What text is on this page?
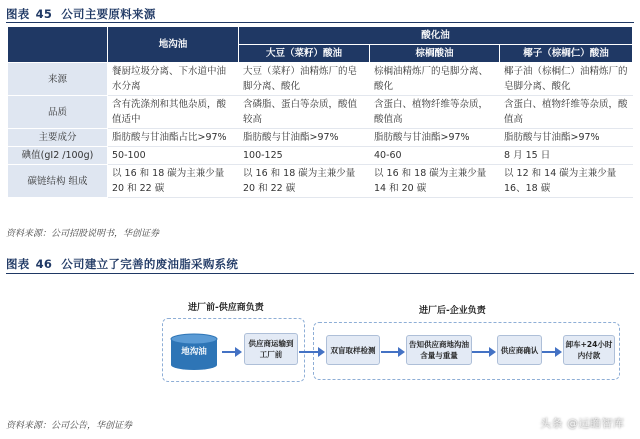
图表 45 公司主要原料来源
	地沟油	酸化油		
		大豆（菜籽）酸油	棕榈酸油	椰子（棕榈仁）酸油
来源	餐厨垃圾分离、下水道中油水分离	大豆（菜籽）油精炼厂的皂脚分离、酸化	棕榈油精炼厂的皂脚分离、酸化	椰子油（棕榈仁）油精炼厂的皂脚分离、酸化
品质	含有洗涤剂和其他杂质，酸值适中	含磷脂、蛋白等杂质，酸值较高	含蛋白、植物纤维等杂质，酸值高	含蛋白、植物纤维等杂质，酸值高
主要成分	脂肪酸与甘油酯占比>97%	脂肪酸与甘油酯>97%	脂肪酸与甘油酯>97%	脂肪酸与甘油酯>97%
碘值(gI2 /100g)	50-100	100-125	40-60	8 月 15 日
碳链结构 组成	以 16 和 18 碳为主兼少量 20 和 22 碳	以 16 和 18 碳为主兼少量 20 和 22 碳	以 16 和 18 碳为主兼少量 14 和 20 碳	以 12 和 14 碳为主兼少量 16、18 碳
资料来源：公司招股说明书，华创证券
图表 46 公司建立了完善的废油脂采购系统
进厂前-供应商负责	进厂后-企业负责
地沟油
供应商运输到工厂前	双盲取样检测
告知供应商地沟油含量与重量
供应商确认
卸车+24小时内付款
资料来源：公司公告，华创证券	头条 @远瞻智库
